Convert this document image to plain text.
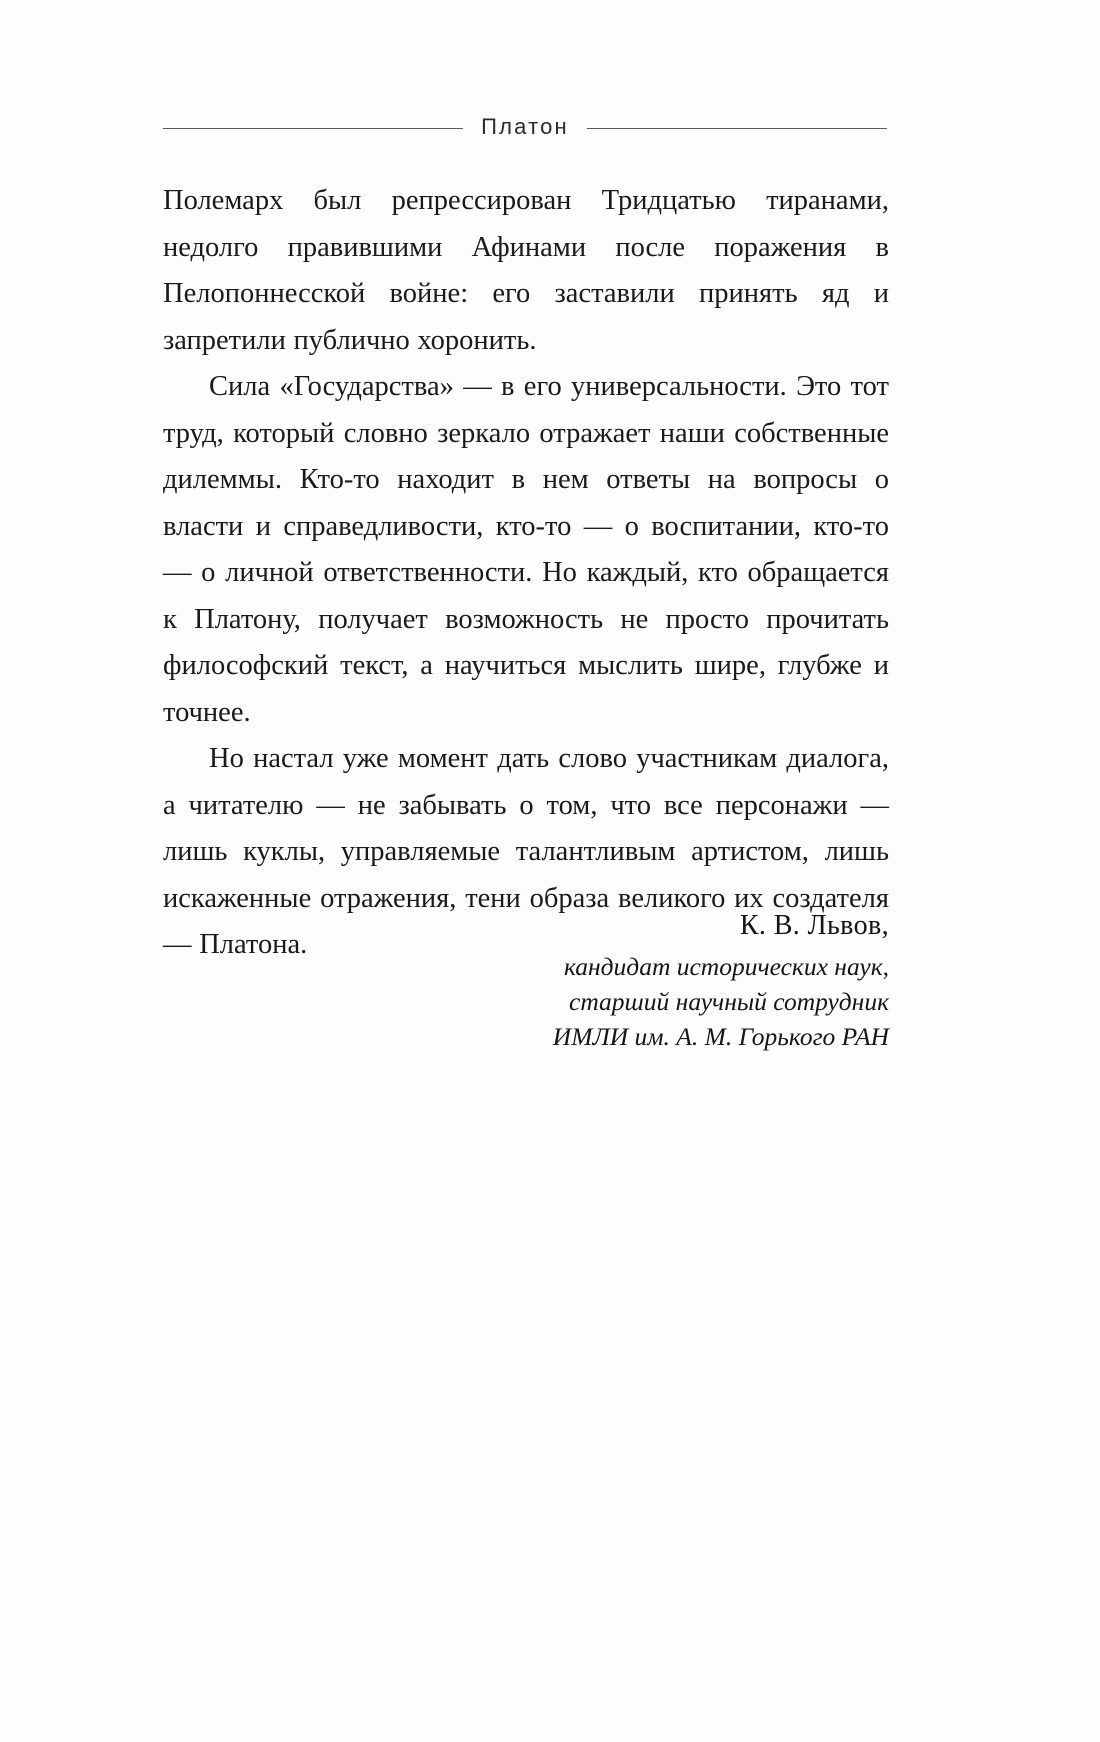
Платон

Полемарх был репрессирован Тридцатью тиранами, недолго правившими Афинами после поражения в Пелопоннесской войне: его заставили принять яд и запретили публично хоронить.

Сила «Государства» — в его универсальности. Это тот труд, который словно зеркало отражает наши собственные дилеммы. Кто-то находит в нем ответы на вопросы о власти и справедливости, кто-то — о воспитании, кто-то — о личной ответственности. Но каждый, кто обращается к Платону, получает возможность не просто прочитать философский текст, а научиться мыслить шире, глубже и точнее.

Но настал уже момент дать слово участникам диалога, а читателю — не забывать о том, что все персонажи — лишь куклы, управляемые талантливым артистом, лишь искаженные отражения, тени образа великого их создателя — Платона.

К. В. Львов,

кандидат исторических наук,

старший научный сотрудник

ИМЛИ им. А. М. Горького РАН
